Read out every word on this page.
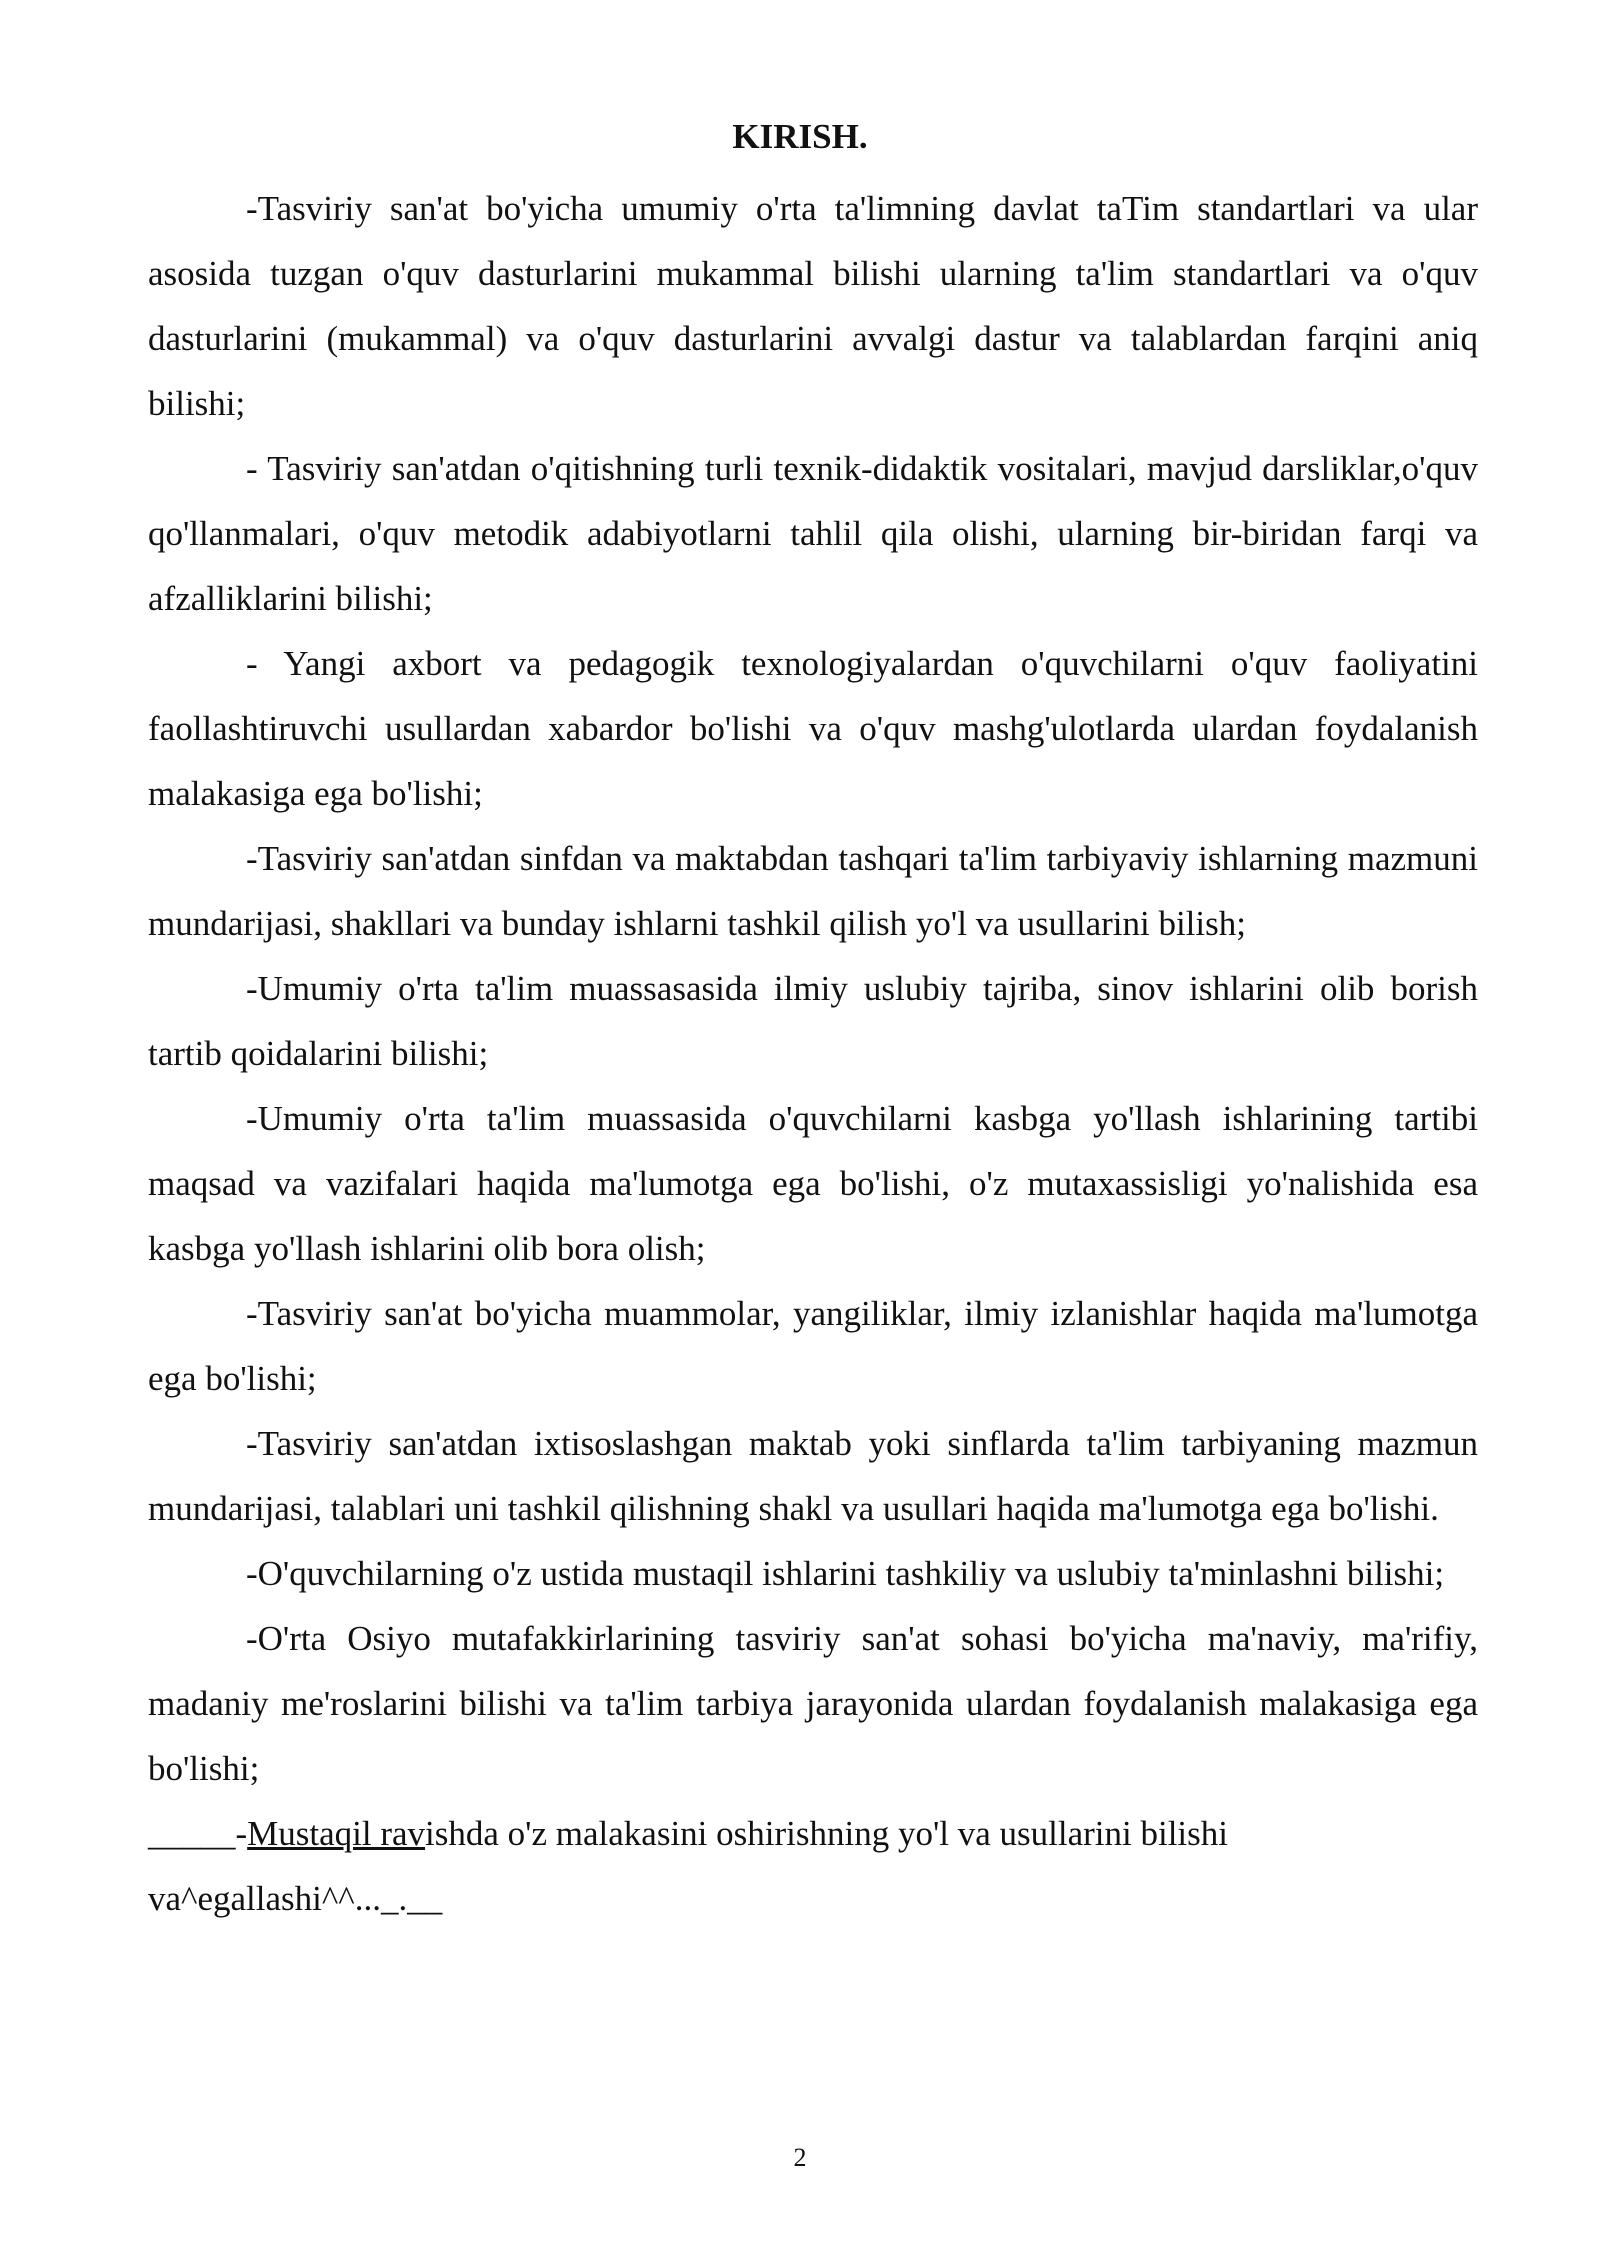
KIRISH.

-Tasviriy san'at bo'yicha umumiy o'rta ta'limning davlat taTim standartlari va ular asosida tuzgan o'quv dasturlarini mukammal bilishi ularning ta'lim standartlari va o'quv dasturlarini (mukammal) va o'quv dasturlarini avvalgi dastur va talablardan farqini aniq bilishi;

- Tasviriy san'atdan o'qitishning turli texnik-didaktik vositalari, mavjud darsliklar,o'quv qo'llanmalari, o'quv metodik adabiyotlarni tahlil qila olishi, ularning bir-biridan farqi va afzalliklarini bilishi;

- Yangi axbort va pedagogik texnologiyalardan o'quvchilarni o'quv faoliyatini faollashtiruvchi usullardan xabardor bo'lishi va o'quv mashg'ulotlarda ulardan foydalanish malakasiga ega bo'lishi;

-Tasviriy san'atdan sinfdan va maktabdan tashqari ta'lim tarbiyaviy ishlarning mazmuni mundarijasi, shakllari va bunday ishlarni tashkil qilish yo'l va usullarini bilish;

-Umumiy o'rta ta'lim muassasasida ilmiy uslubiy tajriba, sinov ishlarini olib borish tartib qoidalarini bilishi;

-Umumiy o'rta ta'lim muassasida o'quvchilarni kasbga yo'llash ishlarining tartibi maqsad va vazifalari haqida ma'lumotga ega bo'lishi, o'z mutaxassisligi yo'nalishida esa kasbga yo'llash ishlarini olib bora olish;

-Tasviriy san'at bo'yicha muammolar, yangiliklar, ilmiy izlanishlar haqida ma'lumotga ega bo'lishi;

-Tasviriy san'atdan ixtisoslashgan maktab yoki sinflarda ta'lim tarbiyaning mazmun mundarijasi, talablari uni tashkil qilishning shakl va usullari haqida ma'lumotga ega bo'lishi.

-O'quvchilarning o'z ustida mustaqil ishlarini tashkiliy va uslubiy ta'minlashni bilishi;

-O'rta Osiyo mutafakkirlarining tasviriy san'at sohasi bo'yicha ma'naviy, ma'rifiy, madaniy me'roslarini bilishi va ta'lim tarbiya jarayonida ulardan foydalanish malakasiga ega bo'lishi;

_____-Mustaqil ravishda o'z malakasini oshirishning yo'l va usullarini bilishi
va^egallashi^^..._.__

2
